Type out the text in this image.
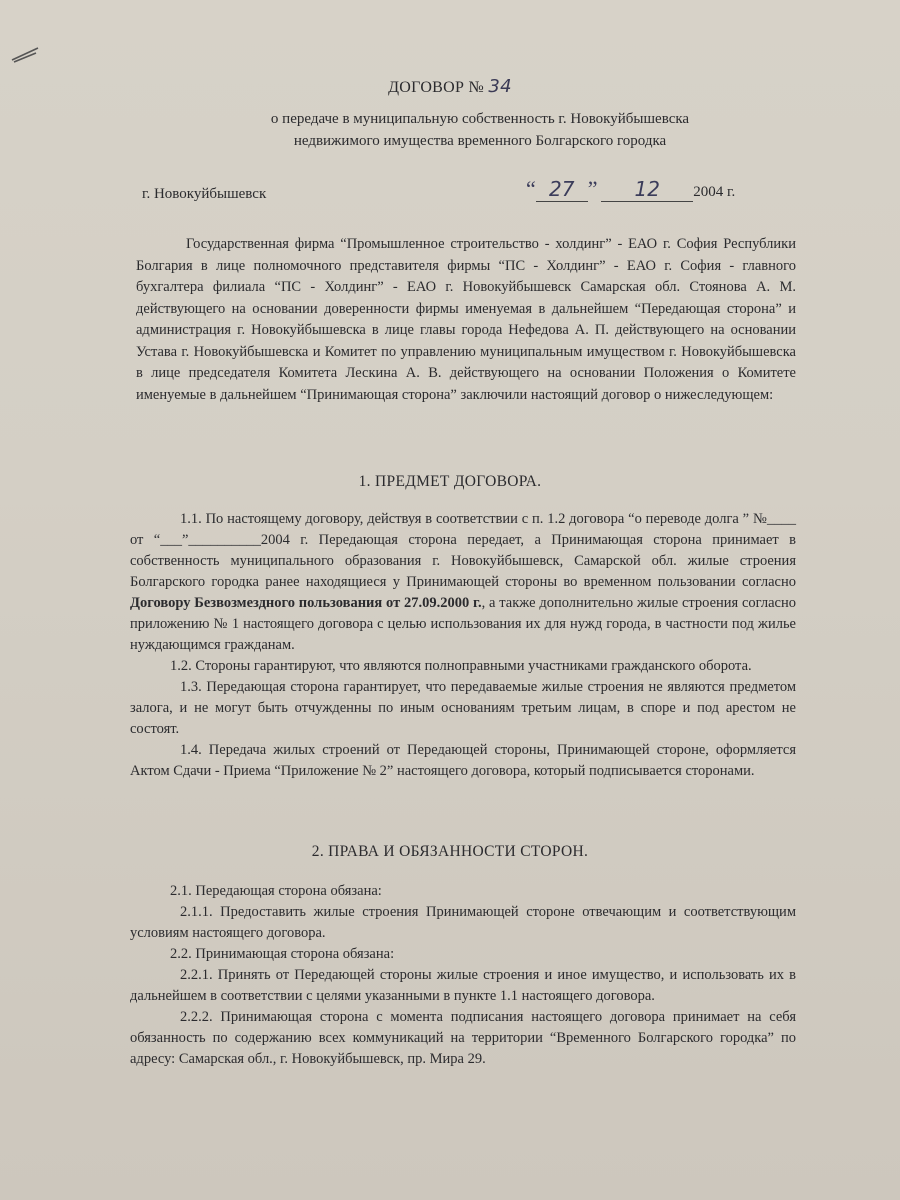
ДОГОВОР № 34
о передаче в муниципальную собственность г. Новокуйбышевска
недвижимого имущества временного Болгарского городка
г. Новокуйбышевск	“ 27 ” 12 2004 г.

Государственная фирма “Промышленное строительство - холдинг” - ЕАО г. София Республики Болгария в лице полномочного представителя фирмы “ПС - Холдинг” - ЕАО г. София - главного бухгалтера филиала “ПС - Холдинг” - ЕАО г. Новокуйбышевск Самарская обл. Стоянова А. М. действующего на основании доверенности фирмы именуемая в дальнейшем “Передающая сторона” и администрация г. Новокуйбышевска в лице главы города Нефедова А. П. действующего на основании Устава г. Новокуйбышевска и Комитет по управлению муниципальным имуществом г. Новокуйбышевска в лице председателя Комитета Лескина А. В. действующего на основании Положения о Комитете именуемые в дальнейшем “Принимающая сторона” заключили настоящий договор о нижеследующем:

1. ПРЕДМЕТ ДОГОВОРА.

1.1. По настоящему договору, действуя в соответствии с п. 1.2 договора “о переводе долга ” №____ от “___”__________2004 г. Передающая сторона передает, а Принимающая сторона принимает в собственность муниципального образования г. Новокуйбышевск, Самарской обл. жилые строения Болгарского городка ранее находящиеся у Принимающей стороны во временном пользовании согласно Договору Безвозмездного пользования от 27.09.2000 г., а также дополнительно жилые строения согласно приложению № 1 настоящего договора с целью использования их для нужд города, в частности под жилье нуждающимся гражданам.

1.2. Стороны гарантируют, что являются полноправными участниками гражданского оборота.

1.3. Передающая сторона гарантирует, что передаваемые жилые строения не являются предметом залога, и не могут быть отчужденны по иным основаниям третьим лицам, в споре и под арестом не состоят.

1.4. Передача жилых строений от Передающей стороны, Принимающей стороне, оформляется Актом Сдачи - Приема “Приложение № 2” настоящего договора, который подписывается сторонами.

2. ПРАВА И ОБЯЗАННОСТИ СТОРОН.

2.1. Передающая сторона обязана:

2.1.1. Предоставить жилые строения Принимающей стороне отвечающим и соответствующим условиям настоящего договора.

2.2. Принимающая сторона обязана:

2.2.1. Принять от Передающей стороны жилые строения и иное имущество, и использовать их в дальнейшем в соответствии с целями указанными в пункте 1.1 настоящего договора.

2.2.2. Принимающая сторона с момента подписания настоящего договора принимает на себя обязанность по содержанию всех коммуникаций на территории “Временного Болгарского городка” по адресу: Самарская обл., г. Новокуйбышевск, пр. Мира 29.
